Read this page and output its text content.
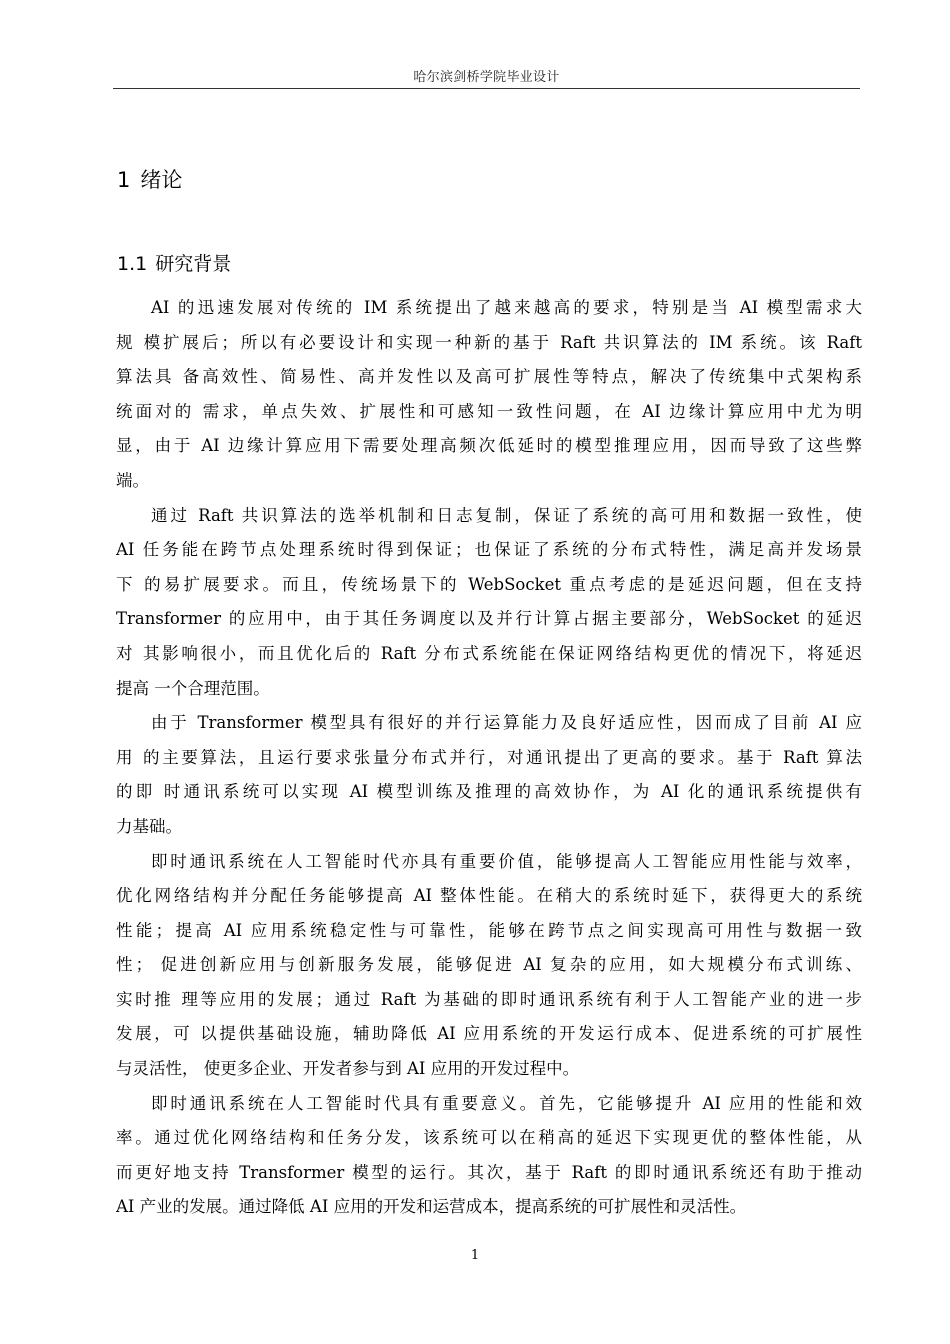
哈尔滨剑桥学院毕业设计
1 绪论
1.1 研究背景
AI 的迅速发展对传统的 IM 系统提出了越来越高的要求，特别是当 AI 模型需求大
规 模扩展后；所以有必要设计和实现一种新的基于 Raft 共识算法的 IM 系统。该 Raft
算法具 备高效性、简易性、高并发性以及高可扩展性等特点，解决了传统集中式架构系
统面对的 需求，单点失效、扩展性和可感知一致性问题，在 AI 边缘计算应用中尤为明
显，由于 AI 边缘计算应用下需要处理高频次低延时的模型推理应用，因而导致了这些弊
端。
通过 Raft 共识算法的选举机制和日志复制，保证了系统的高可用和数据一致性，使
AI 任务能在跨节点处理系统时得到保证；也保证了系统的分布式特性，满足高并发场景
下 的易扩展要求。而且，传统场景下的 WebSocket 重点考虑的是延迟问题，但在支持
Transformer 的应用中，由于其任务调度以及并行计算占据主要部分，WebSocket 的延迟
对 其影响很小，而且优化后的 Raft 分布式系统能在保证网络结构更优的情况下，将延迟
提高 一个合理范围。
由于 Transformer 模型具有很好的并行运算能力及良好适应性，因而成了目前 AI 应
用 的主要算法，且运行要求张量分布式并行，对通讯提出了更高的要求。基于 Raft 算法
的即 时通讯系统可以实现 AI 模型训练及推理的高效协作，为 AI 化的通讯系统提供有
力基础。
即时通讯系统在人工智能时代亦具有重要价值，能够提高人工智能应用性能与效率，
优化网络结构并分配任务能够提高 AI 整体性能。在稍大的系统时延下，获得更大的系统
性能；提高 AI 应用系统稳定性与可靠性，能够在跨节点之间实现高可用性与数据一致
性； 促进创新应用与创新服务发展，能够促进 AI 复杂的应用，如大规模分布式训练、
实时推 理等应用的发展；通过 Raft 为基础的即时通讯系统有利于人工智能产业的进一步
发展，可 以提供基础设施，辅助降低 AI 应用系统的开发运行成本、促进系统的可扩展性
与灵活性， 使更多企业、开发者参与到 AI 应用的开发过程中。
即时通讯系统在人工智能时代具有重要意义。首先，它能够提升 AI 应用的性能和效
率。通过优化网络结构和任务分发，该系统可以在稍高的延迟下实现更优的整体性能，从
而更好地支持 Transformer 模型的运行。其次，基于 Raft 的即时通讯系统还有助于推动
AI 产业的发展。通过降低 AI 应用的开发和运营成本，提高系统的可扩展性和灵活性。
1
